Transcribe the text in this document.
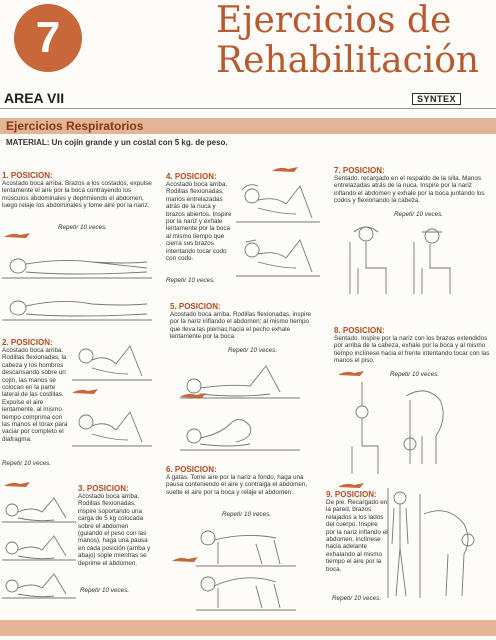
7	Ejercicios de
Rehabilitación
AREA VII	SYNTEX
Ejercicios Respiratorios
MATERIAL: Un cojín grande y un costal con 5 kg. de peso.
1. POSICION:
Acostado boca arriba. Brazos a los costados, expulse lentamente el aire por la boca contrayendo los músculos abdominales y deprimiendo el abdomen, luego relaje los abdominales y tome aire por la nariz.
Repetir 10 veces.
2. POSICION:
Acostado boca arriba. Rodillas flexionadas, la cabeza y los hombros descansando sobre un cojín, las manos se colocan en la parte lateral de las costillas. Expulse el aire lentamente, al mismo tiempo comprima con las manos el tórax para vaciar por completo el diafragma.
Repetir 10 veces.
3. POSICION:
Acostado boca arriba. Rodillas flexionadas, inspire soportando una carga de 5 kg colocada sobre el abdomen (guiando el peso con las manos), haga una pausa en cada posición (arriba y abajo) sople mientras se deprime el abdomen.
Repetir 10 veces.
4. POSICION:
Acostado boca arriba. Rodillas flexionadas, manos entrelazadas atrás de la nuca y brazos abiertos. Inspire por la nariz y exhale lentamente por la boca al mismo tiempo que cierra sus brazos intentando tocar codo con codo.
Repetir 10 veces.
5. POSICION:
Acostado boca arriba. Rodillas flexionadas, inspire por la nariz inflando el abdomen; al mismo tiempo que lleva las piernas hacia el pecho exhale lentamente por la boca.
Repetir 10 veces.
6. POSICION:
A gatas. Tome aire por la nariz a fondo, haga una pausa conteniendo el aire y contraiga el abdomen, suelte el aire por la boca y relaje el abdomen.
Repetir 10 veces.
7. POSICION:
Sentado, recargado en el respaldo de la silla. Manos entrelazadas atrás de la nuca. Inspire por la nariz inflando el abdomen y exhale por la boca juntando los codos y flexionando la cabeza.
Repetir 10 veces.
8. POSICION:
Sentado. Inspire por la nariz con los brazos extendidos por arriba de la cabeza, exhale por la boca y al mismo tiempo inclínese hacia el frente intentando tocar con las manos el piso.
Repetir 10 veces.
9. POSICION:
De pie. Recargado en la pared, brazos relajados a los lados del cuerpo. Inspire por la nariz inflando el abdomen, inclínese hacia adelante exhalando al mismo tiempo el aire por la boca.
Repetir 10 veces.
